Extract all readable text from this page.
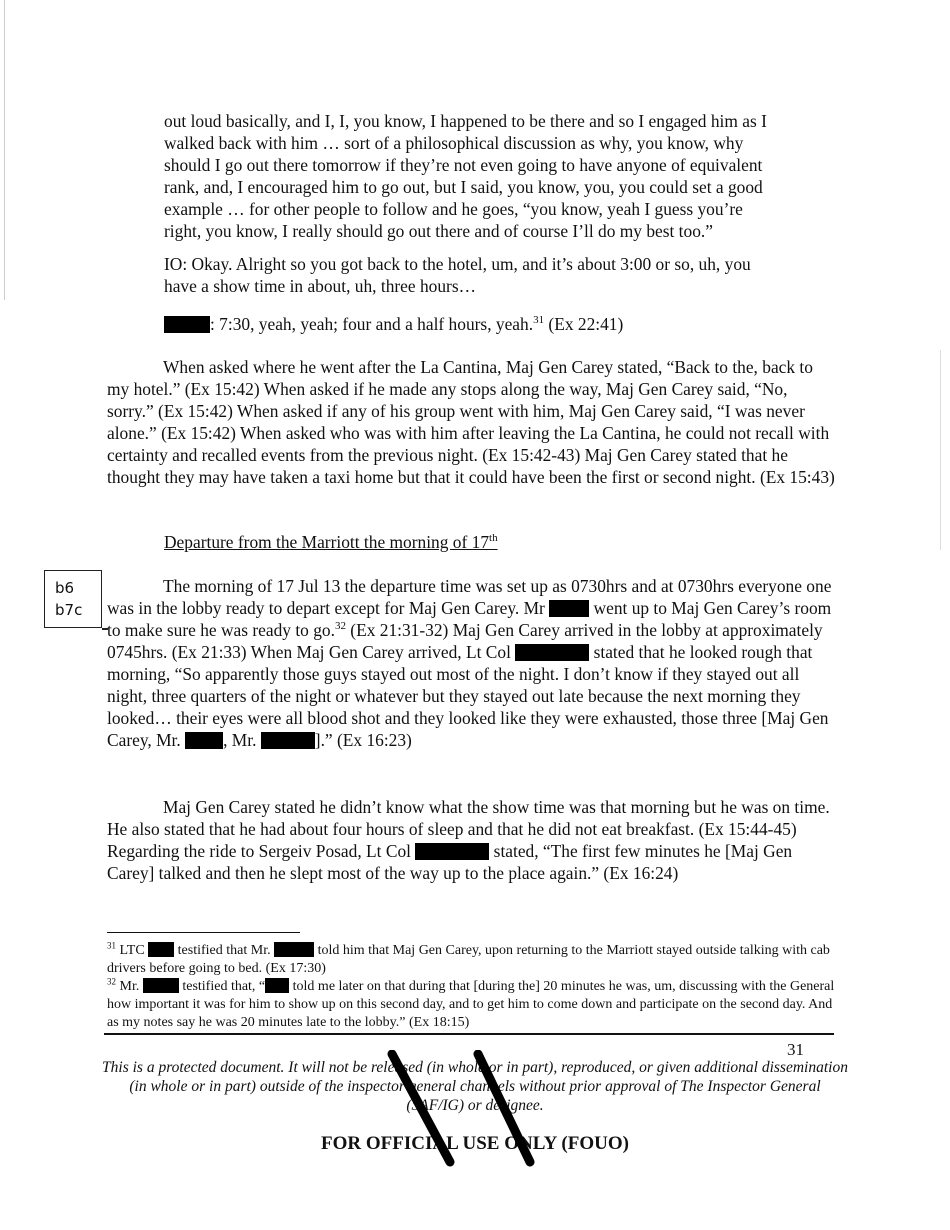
out loud basically, and I, I, you know, I happened to be there and so I engaged him as I walked back with him … sort of a philosophical discussion as why, you know, why should I go out there tomorrow if they’re not even going to have anyone of equivalent rank, and, I encouraged him to go out, but I said, you know, you, you could set a good example … for other people to follow and he goes, “you know, yeah I guess you’re right, you know, I really should go out there and of course I’ll do my best too.”

IO: Okay. Alright so you got back to the hotel, um, and it’s about 3:00 or so, uh, you have a show time in about, uh, three hours…

: 7:30, yeah, yeah; four and a half hours, yeah.$^{31}$ (Ex 22:41)

When asked where he went after the La Cantina, Maj Gen Carey stated, “Back to the, back to my hotel.” (Ex 15:42) When asked if he made any stops along the way, Maj Gen Carey said, “No, sorry.” (Ex 15:42) When asked if any of his group went with him, Maj Gen Carey said, “I was never alone.” (Ex 15:42) When asked who was with him after leaving the La Cantina, he could not recall with certainty and recalled events from the previous night. (Ex 15:42-43) Maj Gen Carey stated that he thought they may have taken a taxi home but that it could have been the first or second night. (Ex 15:43)

Departure from the Marriott the morning of 17th
b6
b7c

The morning of 17 Jul 13 the departure time was set up as 0730hrs and at 0730hrs everyone one was in the lobby ready to depart except for Maj Gen Carey. Mr  went up to Maj Gen Carey’s room to make sure he was ready to go.$^{32}$ (Ex 21:31-32) Maj Gen Carey arrived in the lobby at approximately 0745hrs. (Ex 21:33) When Maj Gen Carey arrived, Lt Col	stated that he looked rough that morning, “So apparently those guys stayed out most of the night. I don’t know if they stayed out all night, three quarters of the night or whatever but they stayed out late because the next morning they looked… their eyes were all blood shot and they looked like they were exhausted, those three [Maj Gen Carey, Mr. , Mr.	].” (Ex 16:23)

Maj Gen Carey stated he didn’t know what the show time was that morning but he was on time. He also stated that he had about four hours of sleep and that he did not eat breakfast. (Ex 15:44-45) Regarding the ride to Sergeiv Posad, Lt Col	stated, “The first few minutes he [Maj Gen Carey] talked and then he slept most of the way up to the place again.” (Ex 16:24)

$^{31}$ LTC  testified that Mr.	told him that Maj Gen Carey, upon returning to the Marriott stayed outside talking with cab drivers before going to bed. (Ex 17:30)

$^{32}$ Mr.	testified that, “ told me later on that during that [during the] 20 minutes he was, um, discussing with the General how important it was for him to show up on this second day, and to get him to come down and participate on the second day. And as my notes say he was 20 minutes late to the lobby.” (Ex 18:15)

31
This is a protected document. It will not be released (in whole or in part), reproduced, or given additional dissemination (in whole or in part) outside of the inspector general channels without prior approval of The Inspector General (SAF/IG) or designee.
FOR OFFICIAL USE ONLY (FOUO)
